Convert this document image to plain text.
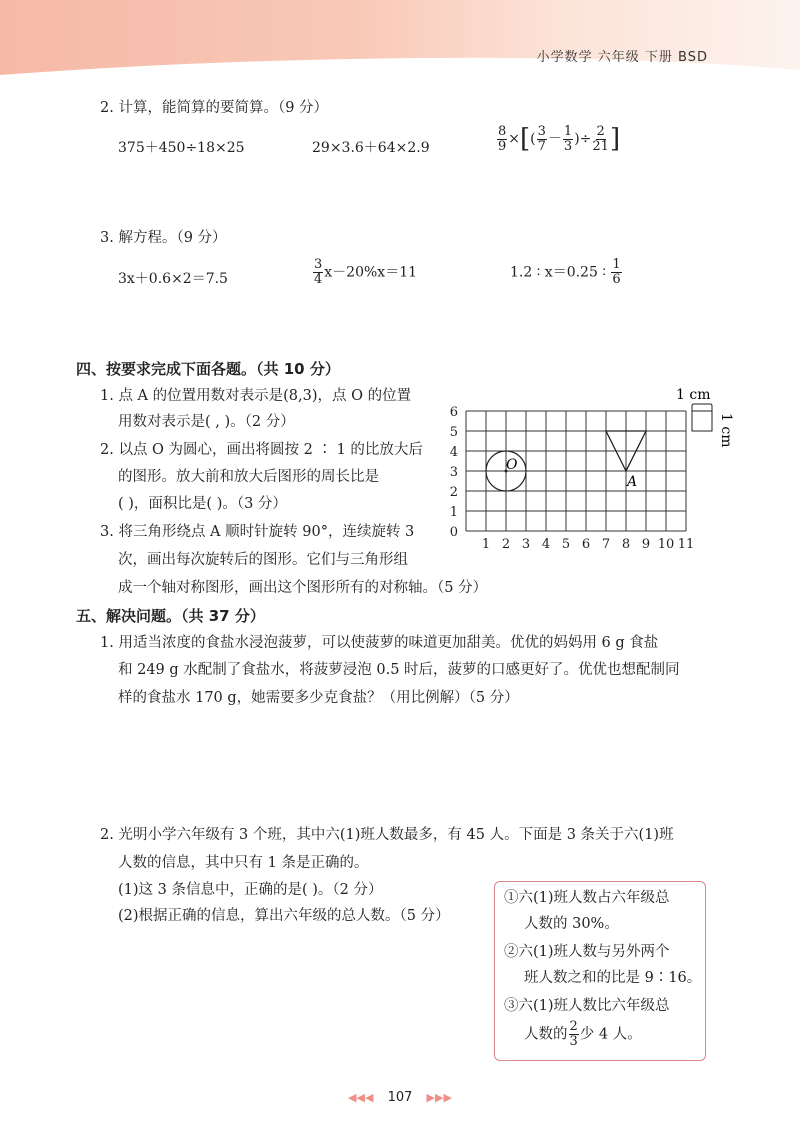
小学数学 六年级 下册 BSD
2. 计算，能简算的要简算。（9 分）
375＋450÷18×25	29×3.6＋64×2.9	$\frac{8}{9}$ ×[( $\frac{3}{7} - \frac{1}{3}$ )÷ $\frac{2}{21}$ ]
3. 解方程。（9 分）
3x＋0.6×2＝7.5	$\frac{3}{4} x-20\%x=11$	1.2 ∶ x＝0.25 ∶ $\frac{1}{6}$
四、按要求完成下面各题。（共 10 分）
1. 点 A 的位置用数对表示是(8,3)，点 O 的位置
用数对表示是( , )。（2 分）
2. 以点 O 为圆心，画出将圆按 2 ∶ 1 的比放大后
的图形。放大前和放大后图形的周长比是
( )，面积比是( )。（3 分）
3. 将三角形绕点 A 顺时针旋转 90°，连续旋转 3
次，画出每次旋转后的图形。它们与三角形组
成一个轴对称图形，画出这个图形所有的对称轴。（5 分）
1 2 3 4 5 6 7 8 9 10 11
0
1
2
3
4
5
6
O
A
1 cm
1 cm
五、解决问题。（共 37 分）
1. 用适当浓度的食盐水浸泡菠萝，可以使菠萝的味道更加甜美。优优的妈妈用 6 g 食盐
和 249 g 水配制了食盐水，将菠萝浸泡 0.5 时后，菠萝的口感更好了。优优也想配制同
样的食盐水 170 g，她需要多少克食盐？（用比例解）（5 分）
2. 光明小学六年级有 3 个班，其中六(1)班人数最多，有 45 人。下面是 3 条关于六(1)班
人数的信息，其中只有 1 条是正确的。
(1)这 3 条信息中，正确的是( )。（2 分）
(2)根据正确的信息，算出六年级的总人数。（5 分）
①六(1)班人数占六年级总
人数的 30%。
②六(1)班人数与另外两个
班人数之和的比是 9∶16。
③六(1)班人数比六年级总
人数的 $\frac{2}{3}$ 少 4 人。
◀◀◀ 107 ▶▶▶
